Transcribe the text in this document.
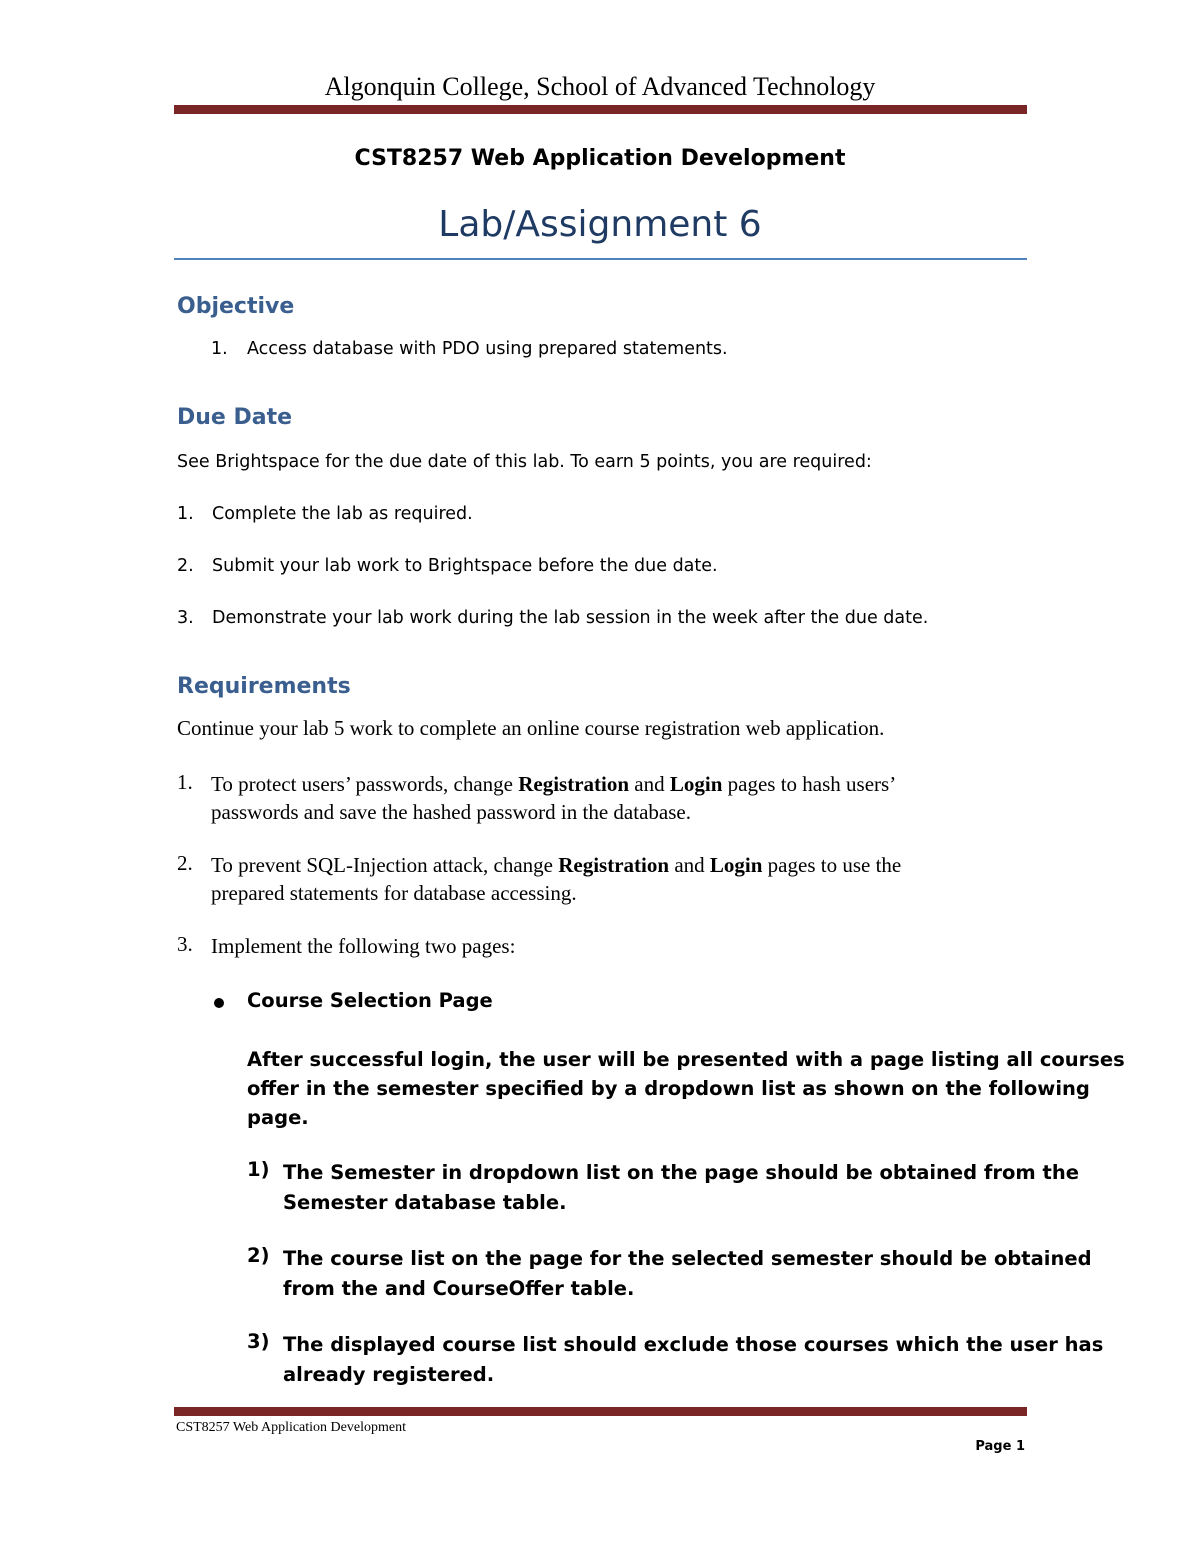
Algonquin College, School of Advanced Technology
CST8257 Web Application Development
Lab/Assignment 6
Objective
1. Access database with PDO using prepared statements.
Due Date
See Brightspace for the due date of this lab. To earn 5 points, you are required:
1. Complete the lab as required.
2. Submit your lab work to Brightspace before the due date.
3. Demonstrate your lab work during the lab session in the week after the due date.
Requirements
Continue your lab 5 work to complete an online course registration web application.
1. To protect users’ passwords, change Registration and Login pages to hash users’
passwords and save the hashed password in the database.
2. To prevent SQL-Injection attack, change Registration and Login pages to use the
prepared statements for database accessing.
3. Implement the following two pages:
Course Selection Page
After successful login, the user will be presented with a page listing all courses
offer in the semester specified by a dropdown list as shown on the following
page.
1) The Semester in dropdown list on the page should be obtained from the
Semester database table.
2) The course list on the page for the selected semester should be obtained
from the and CourseOffer table.
3) The displayed course list should exclude those courses which the user has
already registered.
CST8257 Web Application Development
Page 1
